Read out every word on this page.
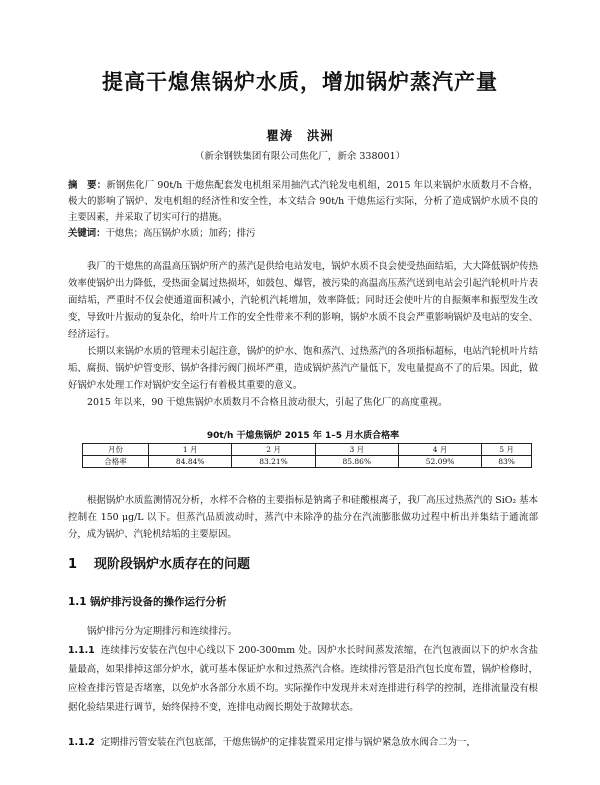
提高干熄焦锅炉水质，增加锅炉蒸汽产量
瞿涛　洪洲
（新余钢铁集团有限公司焦化厂，新余 338001）
摘　要：新钢焦化厂 90t/h 干熄焦配套发电机组采用抽汽式汽轮发电机组，2015 年以来锅炉水质数月不合格，极大的影响了锅炉、发电机组的经济性和安全性，本文结合 90t/h 干熄焦运行实际，分析了造成锅炉水质不良的主要因素，并采取了切实可行的措施。
关键词：干熄焦；高压锅炉水质；加药；排污

我厂的干熄焦的高温高压锅炉所产的蒸汽是供给电站发电，锅炉水质不良会使受热面结垢，大大降低锅炉传热效率使锅炉出力降低，受热面金属过热损坏，如鼓包、爆管，被污染的高温高压蒸汽送到电站会引起汽轮机叶片表面结垢，严重时不仅会使通道面积减小，汽轮机汽耗增加，效率降低；同时还会使叶片的自振频率和振型发生改变，导致叶片振动的复杂化，给叶片工作的安全性带来不利的影响，锅炉水质不良会严重影响锅炉及电站的安全、经济运行。

长期以来锅炉水质的管理未引起注意，锅炉的炉水、饱和蒸汽、过热蒸汽的各项指标超标，电站汽轮机叶片结垢、腐损、锅炉炉管变形、锅炉各排污阀门损坏严重，造成锅炉蒸汽产量低下，发电量提高不了的后果。因此，做好锅炉水处理工作对锅炉安全运行有着极其重要的意义。

2015 年以来，90 干熄焦锅炉水质数月不合格且波动很大，引起了焦化厂的高度重视。

90t/h 干熄焦锅炉 2015 年 1–5 月水质合格率
月份	1 月	2 月	3 月	4 月	5 月
合格率	84.84%	83.21%	85.86%	52.09%	83%

根据锅炉水质监测情况分析，水样不合格的主要指标是钠离子和硅酸根离子，我厂高压过热蒸汽的 SiO₂ 基本控制在 150 μg/L 以下。但蒸汽品质波动时，蒸汽中未除净的盐分在汽流膨胀做功过程中析出并集结于通流部分，成为锅炉、汽轮机结垢的主要原因。

1 现阶段锅炉水质存在的问题
1.1 锅炉排污设备的操作运行分析
锅炉排污分为定期排污和连续排污。

1.1.1 连续排污安装在汽包中心线以下 200-300mm 处。因炉水长时间蒸发浓缩，在汽包液面以下的炉水含盐量最高，如果排掉这部分炉水，就可基本保证炉水和过热蒸汽合格。连续排污管是沿汽包长度布置，锅炉检修时，应检查排污管是否堵塞，以免炉水各部分水质不均。实际操作中发现并未对连排进行科学的控制，连排流量没有根据化验结果进行调节，始终保持不变，连排电动阀长期处于故障状态。

1.1.2 定期排污管安装在汽包底部，干熄焦锅炉的定排装置采用定排与锅炉紧急放水阀合二为一，
